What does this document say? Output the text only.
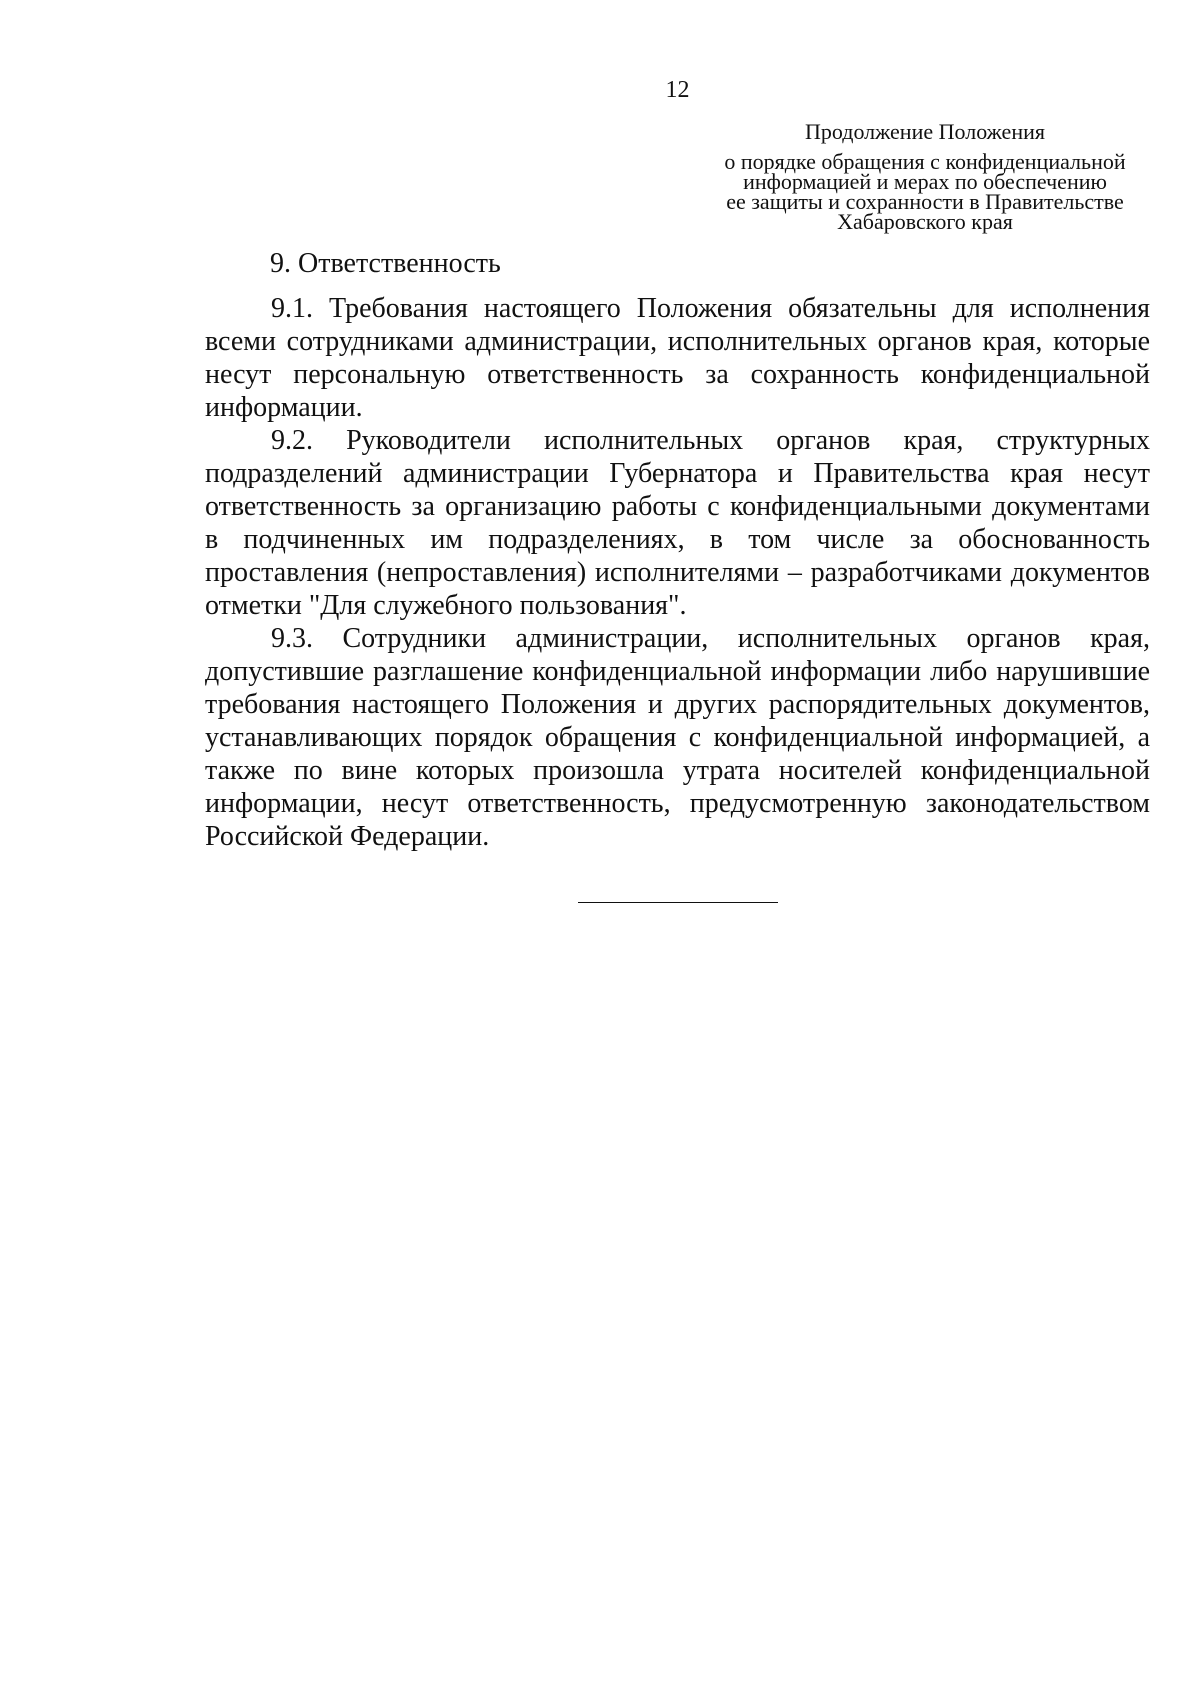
12
Продолжение Положения
о порядке обращения с конфиденциальной
информацией и мерах по обеспечению
ее защиты и сохранности в Правительстве
Хабаровского края
9. Ответственность

9.1. Требования настоящего Положения обязательны для исполнения всеми сотрудниками администрации, исполнительных органов края, которые несут персональную ответственность за сохранность конфиденциальной информации.

9.2. Руководители исполнительных органов края, структурных подразделений администрации Губернатора и Правительства края несут ответственность за организацию работы с конфиденциальными документами в подчиненных им подразделениях, в том числе за обоснованность проставления (непроставления) исполнителями – разработчиками документов отметки "Для служебного пользования".

9.3. Сотрудники администрации, исполнительных органов края, допустившие разглашение конфиденциальной информации либо нарушившие требования настоящего Положения и других распорядительных документов, устанавливающих порядок обращения с конфиденциальной информацией, а также по вине которых произошла утрата носителей конфиденциальной информации, несут ответственность, предусмотренную законодательством Российской Федерации.
